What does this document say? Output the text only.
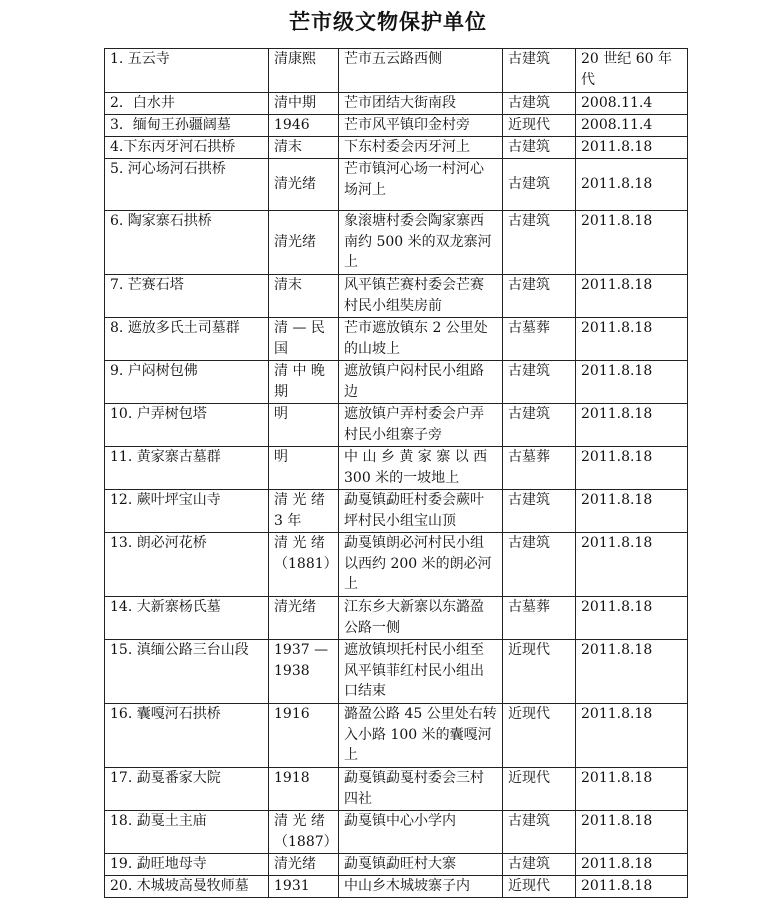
芒市级文物保护单位
1. 五云寺	清康熙	芒市五云路西侧	古建筑	20 世纪 60 年代
2．白水井	清中期	芒市团结大街南段	古建筑	2008.11.4
3．缅甸王孙疆阔墓	1946	芒市风平镇印金村旁	近现代	2008.11.4
4.下东丙牙河石拱桥	清末	下东村委会丙牙河上	古建筑	2011.8.18
5. 河心场河石拱桥	清光绪	芒市镇河心场一村河心场河上	古建筑	2011.8.18
6. 陶家寨石拱桥	清光绪	象滚塘村委会陶家寨西南约 500 米的双龙寨河上	古建筑	2011.8.18
7. 芒赛石塔	清末	风平镇芒赛村委会芒赛村民小组奘房前	古建筑	2011.8.18
8. 遮放多氏土司墓群	清 — 民国	芒市遮放镇东 2 公里处的山坡上	古墓葬	2011.8.18
9. 户闷树包佛	清 中 晚期	遮放镇户闷村民小组路边	古建筑	2011.8.18
10. 户弄树包塔	明	遮放镇户弄村委会户弄村民小组寨子旁	古建筑	2011.8.18
11. 黄家寨古墓群	明	中 山 乡 黄 家 寨 以 西 300 米的一坡地上	古墓葬	2011.8.18
12. 蕨叶坪宝山寺	清 光 绪 3 年	勐戛镇勐旺村委会蕨叶坪村民小组宝山顶	古建筑	2011.8.18
13. 朗必河花桥	清 光 绪（1881）	勐戛镇朗必河村民小组以西约 200 米的朗必河上	古建筑	2011.8.18
14. 大新寨杨氏墓	清光绪	江东乡大新寨以东潞盈公路一侧	古墓葬	2011.8.18
15. 滇缅公路三台山段	1937 — 1938	遮放镇坝托村民小组至风平镇菲红村民小组出口结束	近现代	2011.8.18
16. 囊嘎河石拱桥	1916	潞盈公路 45 公里处右转入小路 100 米的囊嘎河上	近现代	2011.8.18
17. 勐戛番家大院	1918	勐戛镇勐戛村委会三村四社	近现代	2011.8.18
18. 勐戛土主庙	清 光 绪（1887）	勐戛镇中心小学内	古建筑	2011.8.18
19. 勐旺地母寺	清光绪	勐戛镇勐旺村大寨	古建筑	2011.8.18
20. 木城坡高曼牧师墓	1931	中山乡木城坡寨子内	近现代	2011.8.18
